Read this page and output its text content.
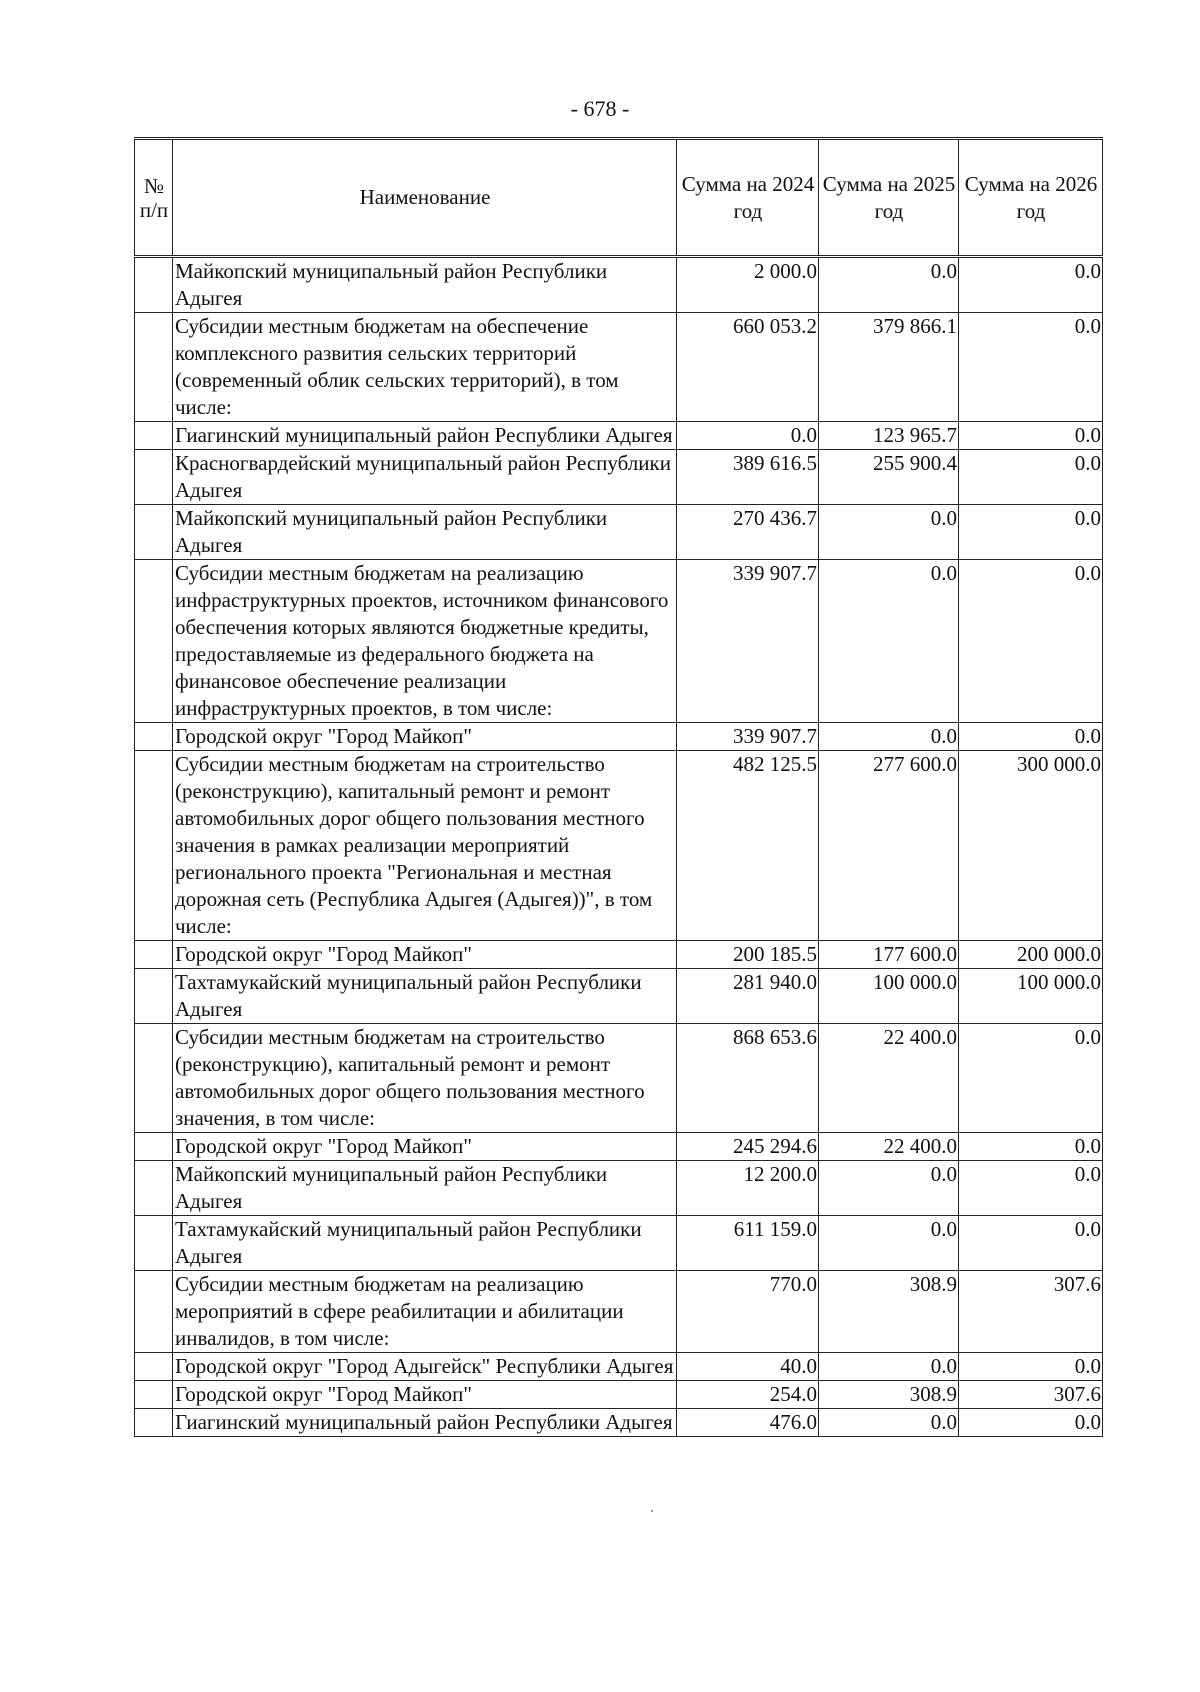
- 678 -
№ п/п	Наименование	Сумма на 2024 год	Сумма на 2025 год	Сумма на 2026 год
	Майкопский муниципальный район Республики Адыгея	2 000.0	0.0	0.0
	Субсидии местным бюджетам на обеспечение комплексного развития сельских территорий (современный облик сельских территорий), в том числе:	660 053.2	379 866.1	0.0
	Гиагинский муниципальный район Республики Адыгея	0.0	123 965.7	0.0
	Красногвардейский муниципальный район Республики Адыгея	389 616.5	255 900.4	0.0
	Майкопский муниципальный район Республики Адыгея	270 436.7	0.0	0.0
	Субсидии местным бюджетам на реализацию инфраструктурных проектов, источником финансового обеспечения которых являются бюджетные кредиты, предоставляемые из федерального бюджета на финансовое обеспечение реализации инфраструктурных проектов, в том числе:	339 907.7	0.0	0.0
	Городской округ "Город Майкоп"	339 907.7	0.0	0.0
	Субсидии местным бюджетам на строительство (реконструкцию), капитальный ремонт и ремонт автомобильных дорог общего пользования местного значения в рамках реализации мероприятий регионального проекта "Региональная и местная дорожная сеть (Республика Адыгея (Адыгея))", в том числе:	482 125.5	277 600.0	300 000.0
	Городской округ "Город Майкоп"	200 185.5	177 600.0	200 000.0
	Тахтамукайский муниципальный район Республики Адыгея	281 940.0	100 000.0	100 000.0
	Субсидии местным бюджетам на строительство (реконструкцию), капитальный ремонт и ремонт автомобильных дорог общего пользования местного значения, в том числе:	868 653.6	22 400.0	0.0
	Городской округ "Город Майкоп"	245 294.6	22 400.0	0.0
	Майкопский муниципальный район Республики Адыгея	12 200.0	0.0	0.0
	Тахтамукайский муниципальный район Республики Адыгея	611 159.0	0.0	0.0
	Субсидии местным бюджетам на реализацию мероприятий в сфере реабилитации и абилитации инвалидов, в том числе:	770.0	308.9	307.6
	Городской округ "Город Адыгейск" Республики Адыгея	40.0	0.0	0.0
	Городской округ "Город Майкоп"	254.0	308.9	307.6
	Гиагинский муниципальный район Республики Адыгея	476.0	0.0	0.0
